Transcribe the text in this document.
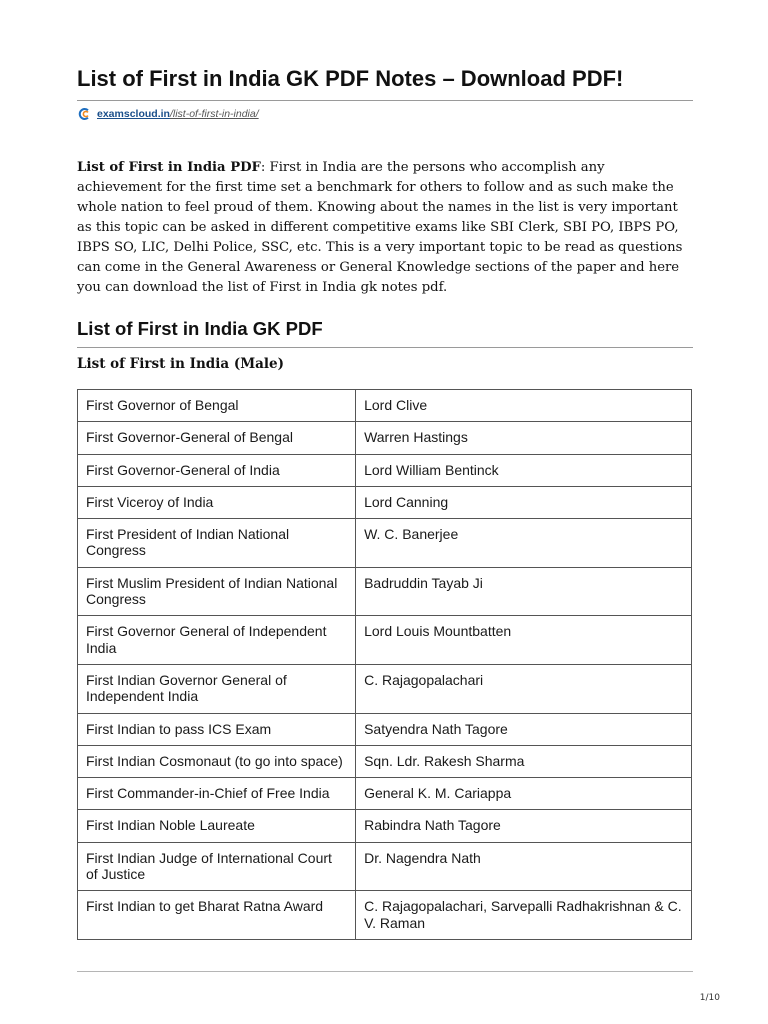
List of First in India GK PDF Notes – Download PDF!
examscloud.in /list-of-first-in-india/

List of First in India PDF: First in India are the persons who accomplish any
achievement for the first time set a benchmark for others to follow and as such make the
whole nation to feel proud of them. Knowing about the names in the list is very important
as this topic can be asked in different competitive exams like SBI Clerk, SBI PO, IBPS PO,
IBPS SO, LIC, Delhi Police, SSC, etc. This is a very important topic to be read as questions
can come in the General Awareness or General Knowledge sections of the paper and here
you can download the list of First in India gk notes pdf.

List of First in India GK PDF
List of First in India (Male)
First Governor of Bengal	Lord Clive
First Governor-General of Bengal	Warren Hastings
First Governor-General of India	Lord William Bentinck
First Viceroy of India	Lord Canning
First President of Indian National Congress	W. C. Banerjee
First Muslim President of Indian National Congress	Badruddin Tayab Ji
First Governor General of Independent India	Lord Louis Mountbatten
First Indian Governor General of Independent India	C. Rajagopalachari
First Indian to pass ICS Exam	Satyendra Nath Tagore
First Indian Cosmonaut (to go into space)	Sqn. Ldr. Rakesh Sharma
First Commander-in-Chief of Free India	General K. M. Cariappa
First Indian Noble Laureate	Rabindra Nath Tagore
First Indian Judge of International Court of Justice	Dr. Nagendra Nath
First Indian to get Bharat Ratna Award	C. Rajagopalachari, Sarvepalli Radhakrishnan & C. V. Raman
1/10
